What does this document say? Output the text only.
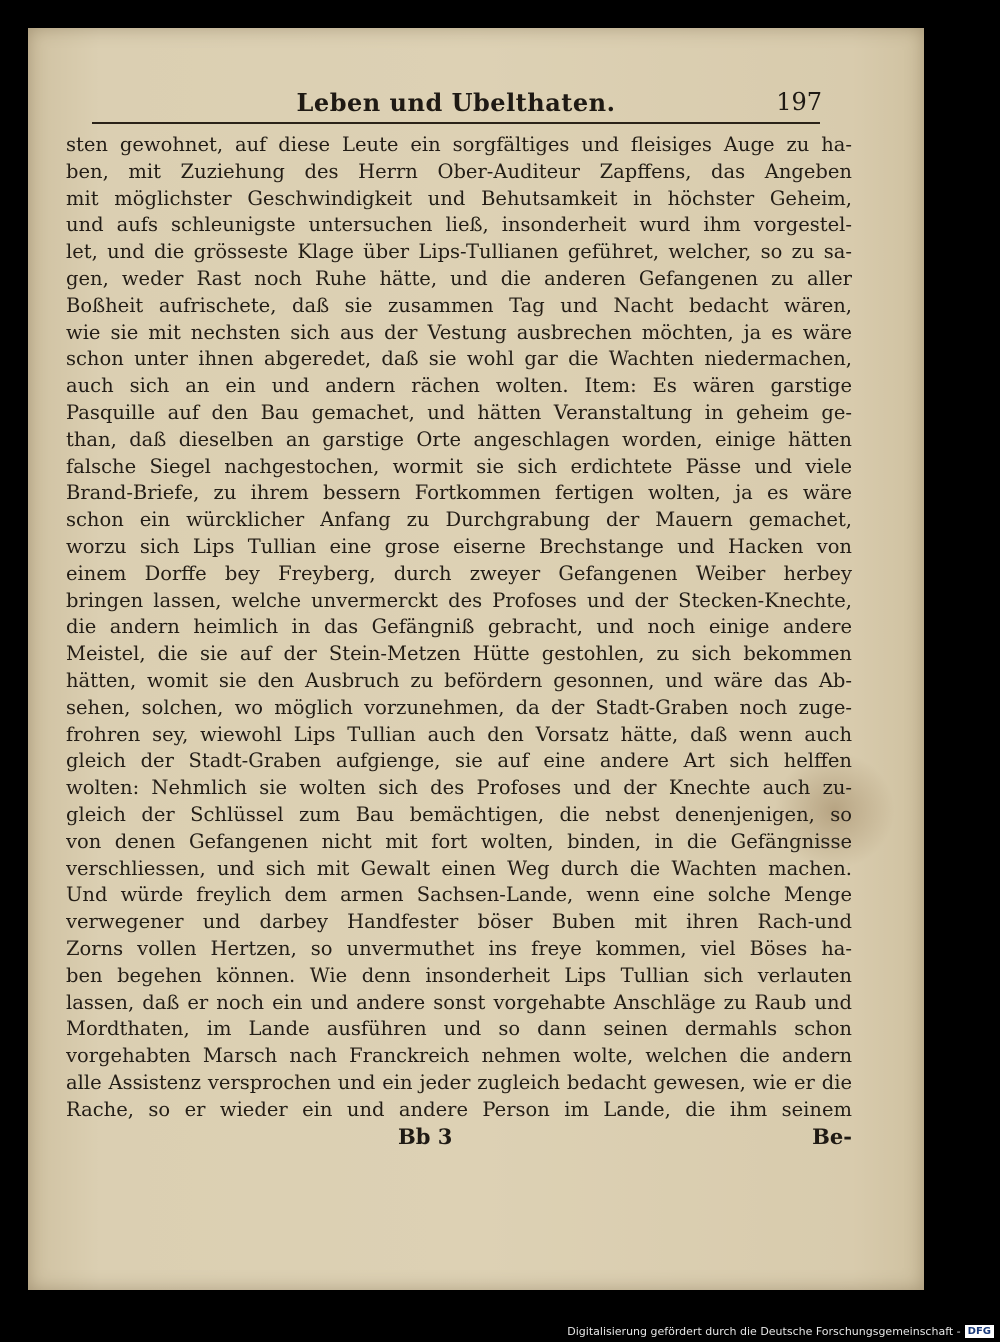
Leben und Ubelthaten.	197
sten gewohnet, auf diese Leute ein sorgfältiges und fleisiges Auge zu ha-
ben, mit Zuziehung des Herrn Ober-Auditeur Zapffens, das Angeben
mit möglichster Geschwindigkeit und Behutsamkeit in höchster Geheim,
und aufs schleunigste untersuchen ließ, insonderheit wurd ihm vorgestel-
let, und die grösseste Klage über Lips-Tullianen geführet, welcher, so zu sa-
gen, weder Rast noch Ruhe hätte, und die anderen Gefangenen zu aller
Boßheit aufrischete, daß sie zusammen Tag und Nacht bedacht wären,
wie sie mit nechsten sich aus der Vestung ausbrechen möchten, ja es wäre
schon unter ihnen abgeredet, daß sie wohl gar die Wachten niedermachen,
auch sich an ein und andern rächen wolten. Item: Es wären garstige
Pasquille auf den Bau gemachet, und hätten Veranstaltung in geheim ge-
than, daß dieselben an garstige Orte angeschlagen worden, einige hätten
falsche Siegel nachgestochen, wormit sie sich erdichtete Pässe und viele
Brand-Briefe, zu ihrem bessern Fortkommen fertigen wolten, ja es wäre
schon ein würcklicher Anfang zu Durchgrabung der Mauern gemachet,
worzu sich Lips Tullian eine grose eiserne Brechstange und Hacken von
einem Dorffe bey Freyberg, durch zweyer Gefangenen Weiber herbey
bringen lassen, welche unvermerckt des Profoses und der Stecken-Knechte,
die andern heimlich in das Gefängniß gebracht, und noch einige andere
Meistel, die sie auf der Stein-Metzen Hütte gestohlen, zu sich bekommen
hätten, womit sie den Ausbruch zu befördern gesonnen, und wäre das Ab-
sehen, solchen, wo möglich vorzunehmen, da der Stadt-Graben noch zuge-
frohren sey, wiewohl Lips Tullian auch den Vorsatz hätte, daß wenn auch
gleich der Stadt-Graben aufgienge, sie auf eine andere Art sich helffen
wolten: Nehmlich sie wolten sich des Profoses und der Knechte auch zu-
gleich der Schlüssel zum Bau bemächtigen, die nebst denenjenigen, so
von denen Gefangenen nicht mit fort wolten, binden, in die Gefängnisse
verschliessen, und sich mit Gewalt einen Weg durch die Wachten machen.
Und würde freylich dem armen Sachsen-Lande, wenn eine solche Menge
verwegener und darbey Handfester böser Buben mit ihren Rach-und
Zorns vollen Hertzen, so unvermuthet ins freye kommen, viel Böses ha-
ben begehen können. Wie denn insonderheit Lips Tullian sich verlauten
lassen, daß er noch ein und andere sonst vorgehabte Anschläge zu Raub und
Mordthaten, im Lande ausführen und so dann seinen dermahls schon
vorgehabten Marsch nach Franckreich nehmen wolte, welchen die andern
alle Assistenz versprochen und ein jeder zugleich bedacht gewesen, wie er die
Rache, so er wieder ein und andere Person im Lande, die ihm seinem
Bb 3	Be-
Digitalisierung gefördert durch die Deutsche Forschungsgemeinschaft - DFG
